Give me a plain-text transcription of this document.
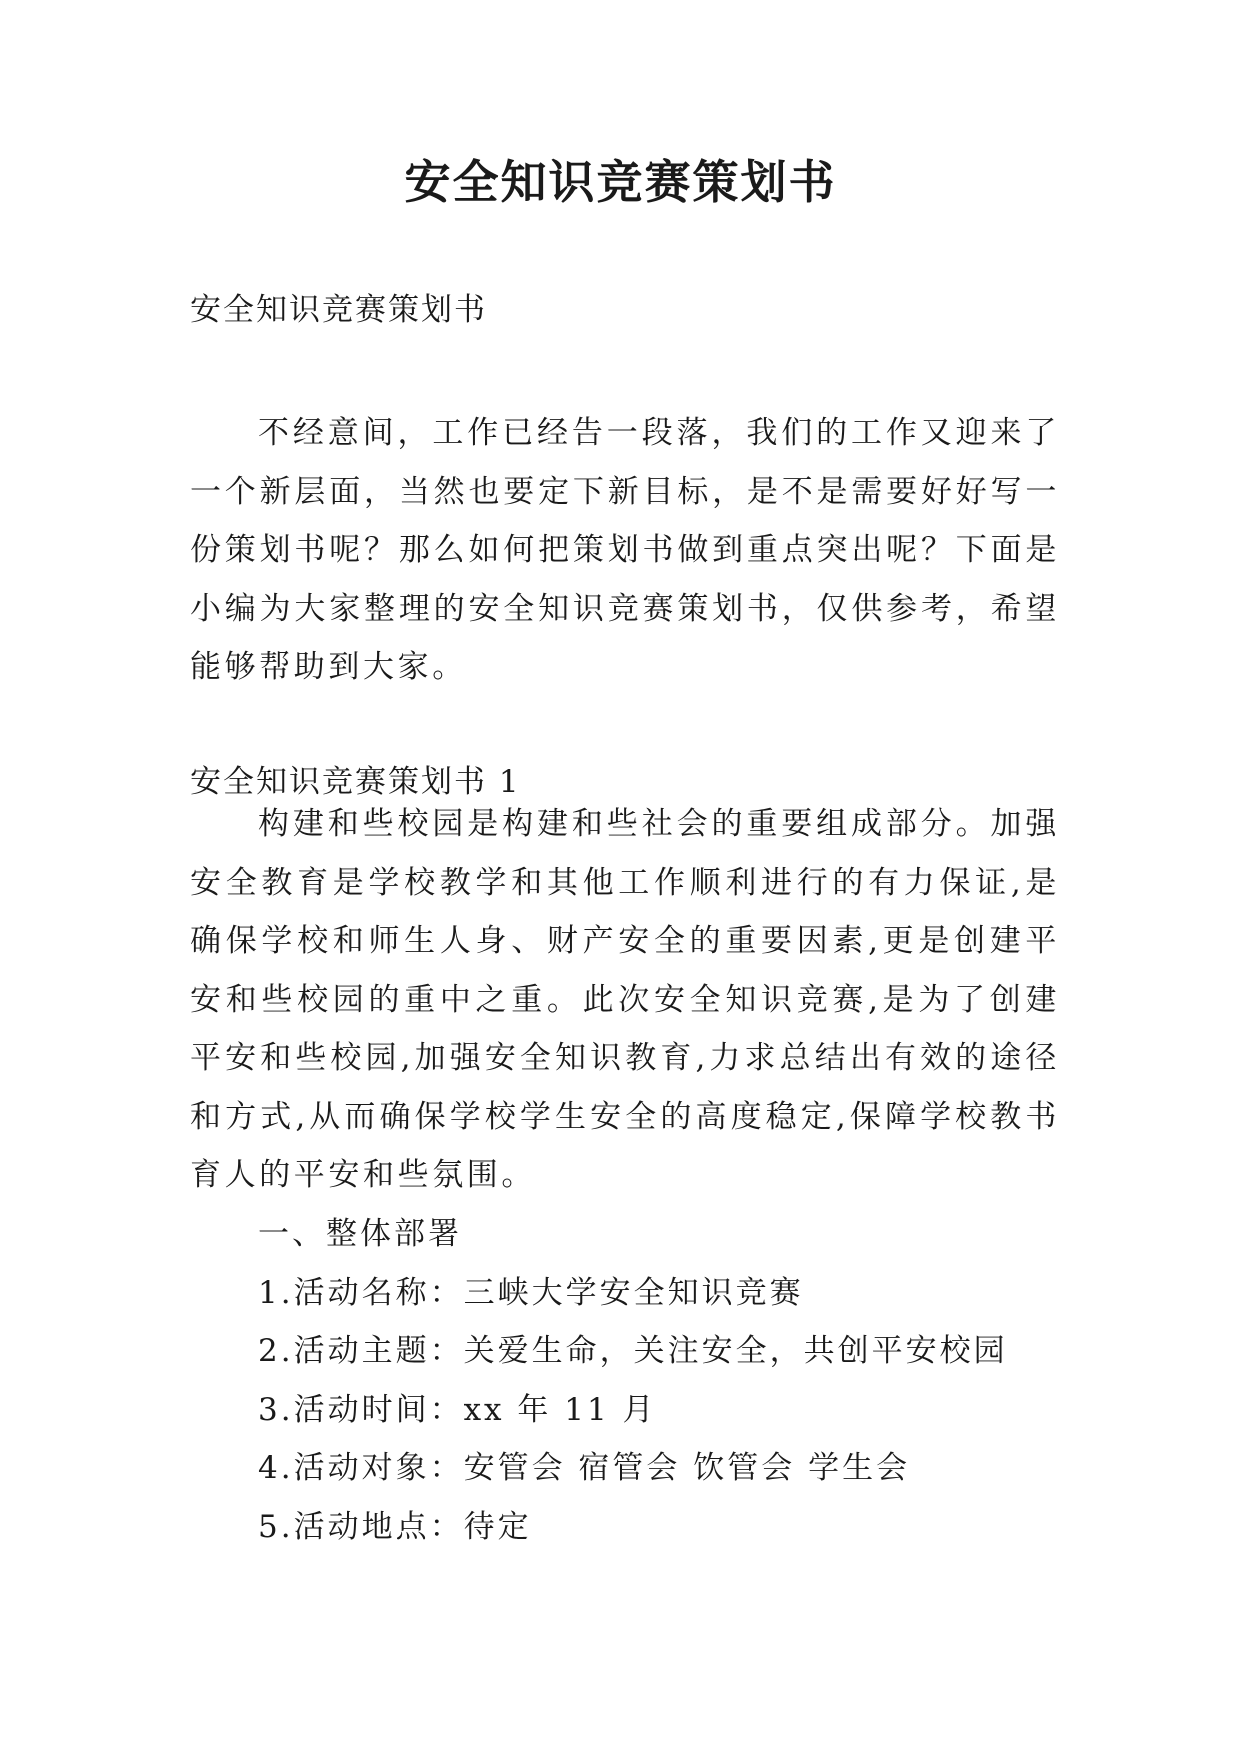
安全知识竞赛策划书

安全知识竞赛策划书

不经意间，工作已经告一段落，我们的工作又迎来了一个新层面，当然也要定下新目标，是不是需要好好写一份策划书呢？那么如何把策划书做到重点突出呢？下面是小编为大家整理的安全知识竞赛策划书，仅供参考，希望能够帮助到大家。

安全知识竞赛策划书 1

构建和些校园是构建和些社会的重要组成部分。加强安全教育是学校教学和其他工作顺利进行的有力保证,是确保学校和师生人身、财产安全的重要因素,更是创建平安和些校园的重中之重。此次安全知识竞赛,是为了创建平安和些校园,加强安全知识教育,力求总结出有效的途径和方式,从而确保学校学生安全的高度稳定,保障学校教书育人的平安和些氛围。

一、整体部署
1.活动名称：三峡大学安全知识竞赛
2.活动主题：关爱生命，关注安全，共创平安校园
3.活动时间：xx 年 11 月
4.活动对象：安管会 宿管会 饮管会 学生会
5.活动地点：待定
